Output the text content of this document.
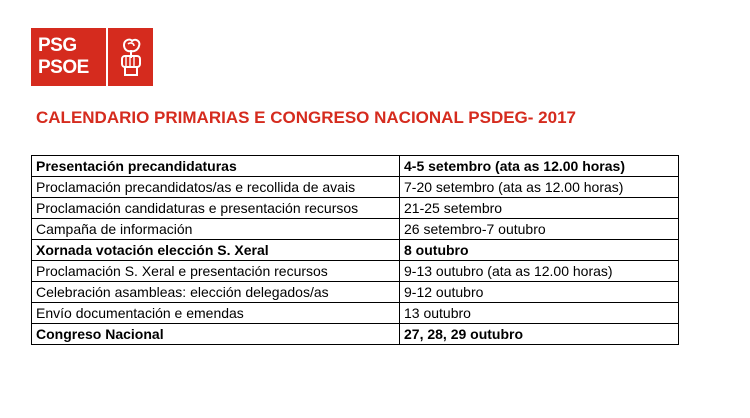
PSG
PSOE
CALENDARIO PRIMARIAS E CONGRESO NACIONAL PSDEG- 2017
Presentación precandidaturas	4-5 setembro (ata as 12.00 horas)
Proclamación precandidatos/as e recollida de avais	7-20 setembro (ata as 12.00 horas)
Proclamación candidaturas e presentación recursos	21-25 setembro
Campaña de información	26 setembro-7 outubro
Xornada votación elección S. Xeral	8 outubro
Proclamación S. Xeral e presentación recursos	9-13 outubro (ata as 12.00 horas)
Celebración asambleas: elección delegados/as	9-12 outubro
Envío documentación e emendas	13 outubro
Congreso Nacional	27, 28, 29 outubro
